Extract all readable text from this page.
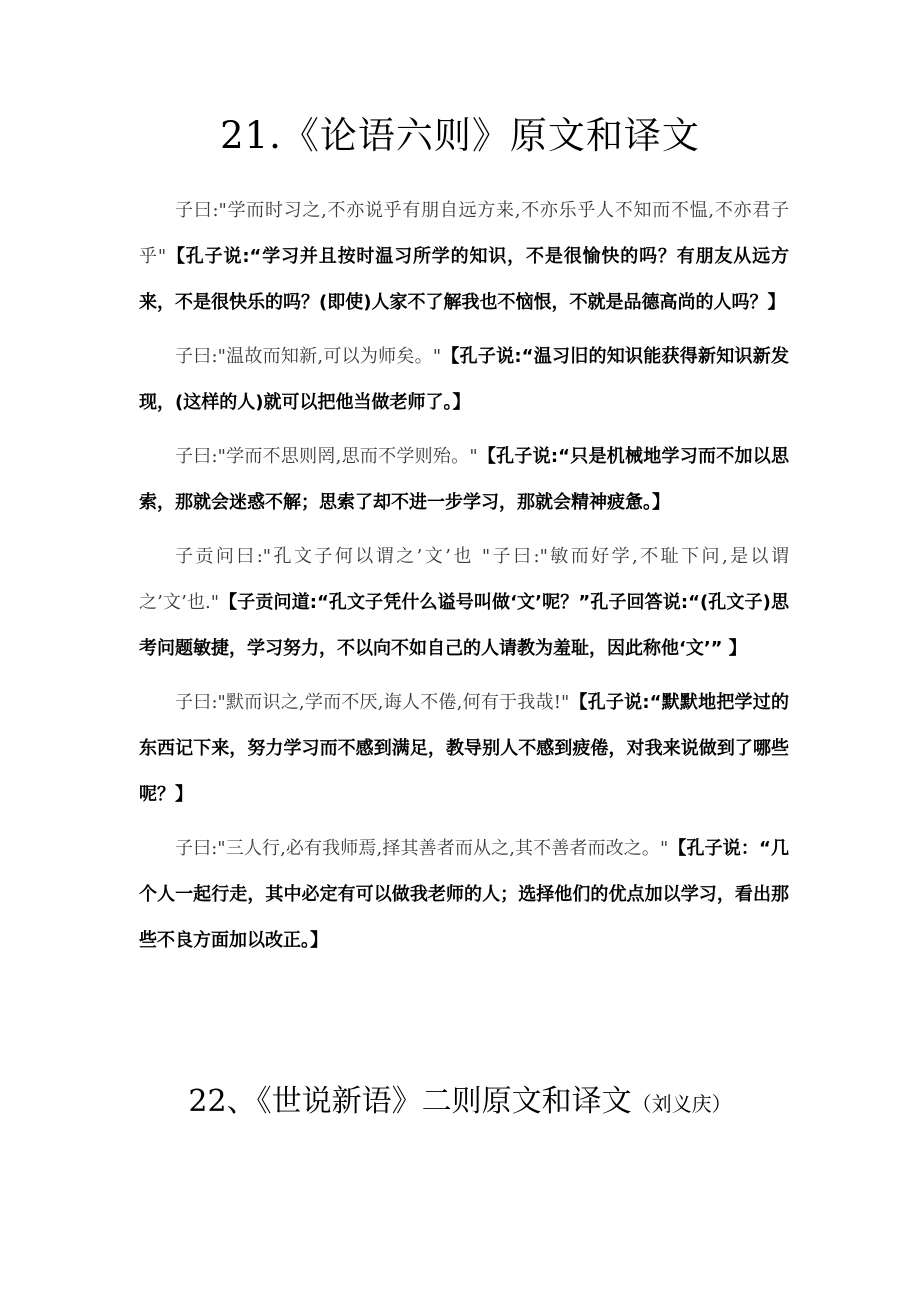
21.《论语六则》原文和译文

子曰:"学而时习之,不亦说乎有朋自远方来,不亦乐乎人不知而不愠,不亦君子乎"【孔子说:“学习并且按时温习所学的知识，不是很愉快的吗？有朋友从远方来，不是很快乐的吗？(即使)人家不了解我也不恼恨，不就是品德高尚的人吗？】

子曰:"温故而知新,可以为师矣。"【孔子说:“温习旧的知识能获得新知识新发现，(这样的人)就可以把他当做老师了。】

子曰:"学而不思则罔,思而不学则殆。"【孔子说:“只是机械地学习而不加以思索，那就会迷惑不解；思索了却不进一步学习，那就会精神疲惫。】

子贡问曰:"孔文子何以谓之’文’也 "子曰:"敏而好学,不耻下问,是以谓之’文’也."【子贡问道:“孔文子凭什么谥号叫做‘文’呢？”孔子回答说:“(孔文子)思考问题敏捷，学习努力，不以向不如自己的人请教为羞耻，因此称他‘文’” 】

子曰:"默而识之,学而不厌,诲人不倦,何有于我哉!"【孔子说:“默默地把学过的东西记下来，努力学习而不感到满足，教导别人不感到疲倦，对我来说做到了哪些呢？】

子曰:"三人行,必有我师焉,择其善者而从之,其不善者而改之。"【孔子说：“几个人一起行走，其中必定有可以做我老师的人；选择他们的优点加以学习，看出那些不良方面加以改正。】

22、《世说新语》二则原文和译文（刘义庆）
